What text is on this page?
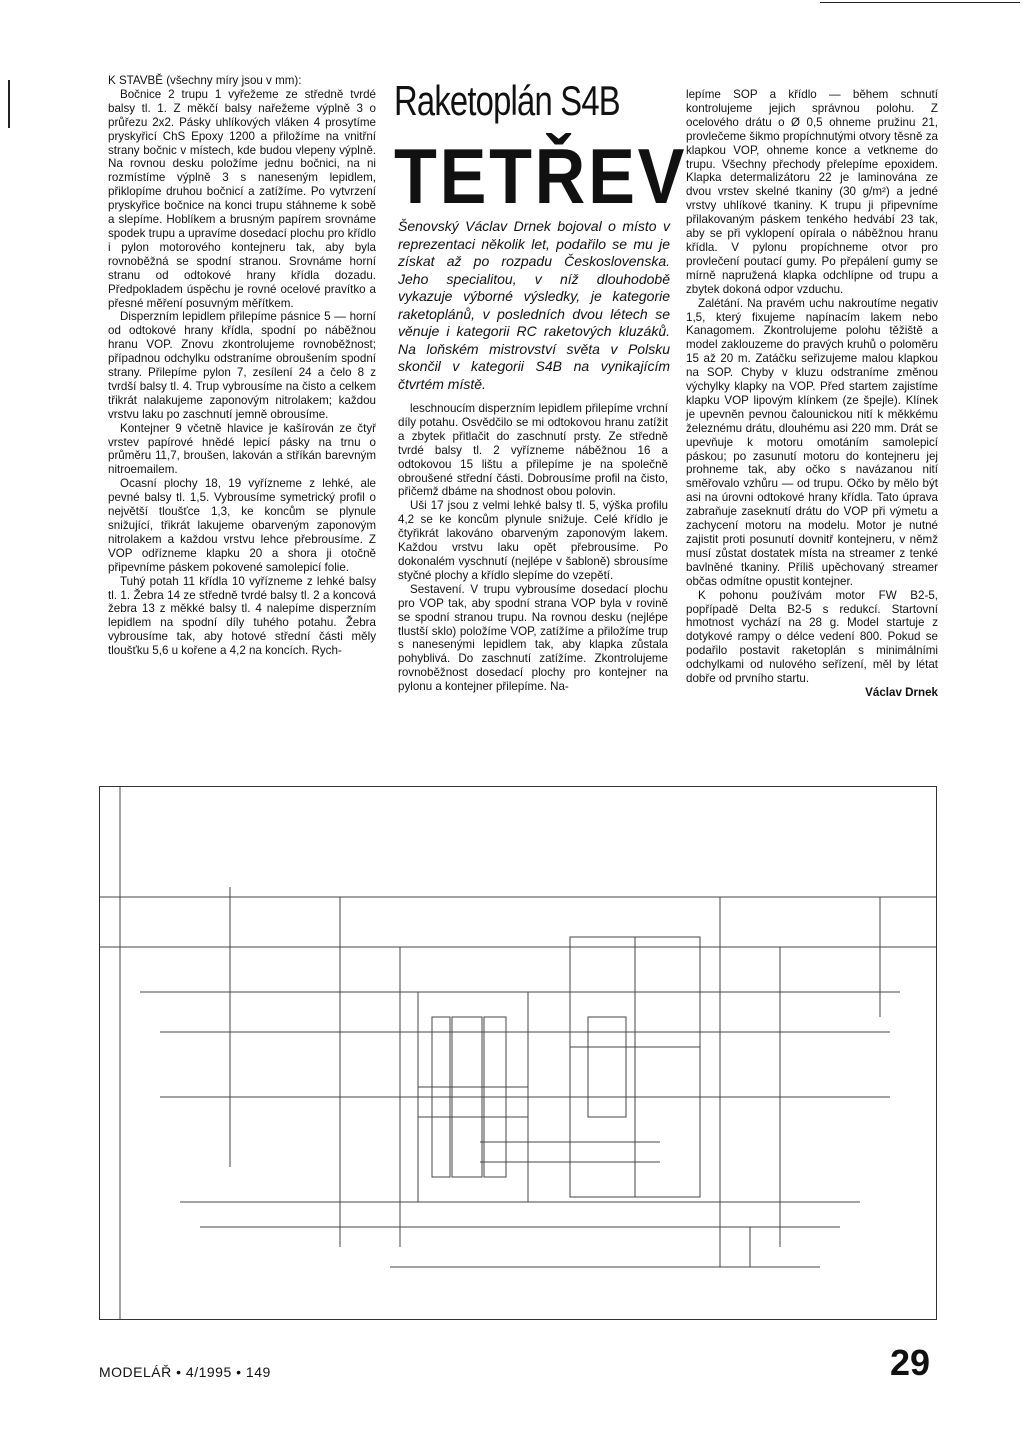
K STAVBĚ (všechny míry jsou v mm):

Bočnice 2 trupu 1 vyřežeme ze středně tvrdé balsy tl. 1. Z měkčí balsy nařežeme výplně 3 o průřezu 2x2. Pásky uhlíkových vláken 4 prosytíme pryskyřicí ChS Epoxy 1200 a přiložíme na vnitřní strany bočnic v místech, kde budou vlepeny výplně. Na rovnou desku položíme jednu bočnici, na ni rozmístíme výplně 3 s naneseným lepidlem, přiklopíme druhou bočnicí a zatížíme. Po vytvrzení pryskyřice bočnice na konci trupu stáhneme k sobě a slepíme. Hoblíkem a brusným papírem srovnáme spodek trupu a upravíme dosedací plochu pro křídlo i pylon motorového kontejneru tak, aby byla rovnoběžná se spodní stranou. Srovnáme horní stranu od odtokové hrany křídla dozadu. Předpokladem úspěchu je rovné ocelové pravítko a přesné měření posuvným měřítkem.

Disperzním lepidlem přilepíme pásnice 5 — horní od odtokové hrany křídla, spodní po náběžnou hranu VOP. Znovu zkontrolujeme rovnoběžnost; případnou odchylku odstraníme obroušením spodní strany. Přilepíme pylon 7, zesílení 24 a čelo 8 z tvrdší balsy tl. 4. Trup vybrousíme na čisto a celkem třikrát nalakujeme zaponovým nitrolakem; každou vrstvu laku po zaschnutí jemně obrousíme.

Kontejner 9 včetně hlavice je kašírován ze čtyř vrstev papírové hnědé lepicí pásky na trnu o průměru 11,7, broušen, lakován a stříkán barevným nitroemailem.

Ocasní plochy 18, 19 vyřízneme z lehké, ale pevné balsy tl. 1,5. Vybrousíme symetrický profil o největší tloušťce 1,3, ke koncům se plynule snižující, třikrát lakujeme obarveným zaponovým nitrolakem a každou vrstvu lehce přebrousíme. Z VOP odřízneme klapku 20 a shora ji otočně připevníme páskem pokovené samolepicí folie.

Tuhý potah 11 křídla 10 vyřízneme z lehké balsy tl. 1. Žebra 14 ze středně tvrdé balsy tl. 2 a koncová žebra 13 z měkké balsy tl. 4 nalepíme disperzním lepidlem na spodní díly tuhého potahu. Žebra vybrousíme tak, aby hotové střední části měly tloušťku 5,6 u kořene a 4,2 na koncích. Rych-

Raketoplán S4B
TETŘEV
Šenovský Václav Drnek bojoval o místo v reprezentaci několik let, podařilo se mu je získat až po rozpadu Československa. Jeho specialitou, v níž dlouhodobě vykazuje výborné výsledky, je kategorie raketoplánů, v posledních dvou létech se věnuje i kategorii RC raketových kluzáků. Na loňském mistrovství světa v Polsku skončil v kategorii S4B na vynikajícím čtvrtém místě.

leschnoucím disperzním lepidlem přilepíme vrchní díly potahu. Osvědčilo se mi odtokovou hranu zatížit a zbytek přitlačit do zaschnutí prsty. Ze středně tvrdé balsy tl. 2 vyřízneme náběžnou 16 a odtokovou 15 lištu a přilepíme je na společně obroušené střední části. Dobrousíme profil na čisto, přičemž dbáme na shodnost obou polovin.

Uši 17 jsou z velmi lehké balsy tl. 5, výška profilu 4,2 se ke koncům plynule snižuje. Celé křídlo je čtyřikrát lakováno obarveným zaponovým lakem. Každou vrstvu laku opět přebrousíme. Po dokonalém vyschnutí (nejlépe v šabloně) sbrousíme styčné plochy a křídlo slepíme do vzepětí.

Sestavení. V trupu vybrousíme dosedací plochu pro VOP tak, aby spodní strana VOP byla v rovině se spodní stranou trupu. Na rovnou desku (nejlépe tlustší sklo) položíme VOP, zatížíme a přiložíme trup s nanesenými lepidlem tak, aby klapka zůstala pohyblivá. Do zaschnutí zatížíme. Zkontrolujeme rovnoběžnost dosedací plochy pro kontejner na pylonu a kontejner přilepíme. Na-

lepíme SOP a křídlo — během schnutí kontrolujeme jejich správnou polohu. Z ocelového drátu o Ø 0,5 ohneme pružinu 21, provlečeme šikmo propíchnutými otvory těsně za klapkou VOP, ohneme konce a vetkneme do trupu. Všechny přechody přelepíme epoxidem. Klapka determalizátoru 22 je laminována ze dvou vrstev skelné tkaniny (30 g/m²) a jedné vrstvy uhlíkové tkaniny. K trupu ji připevníme přilakovaným páskem tenkého hedvábí 23 tak, aby se při vyklopení opírala o náběžnou hranu křídla. V pylonu propíchneme otvor pro provlečení poutací gumy. Po přepálení gumy se mírně napružená klapka odchlípne od trupu a zbytek dokoná odpor vzduchu.

Zalétání. Na pravém uchu nakroutíme negativ 1,5, který fixujeme napínacím lakem nebo Kanagomem. Zkontrolujeme polohu těžiště a model zaklouzeme do pravých kruhů o poloměru 15 až 20 m. Zatáčku seřizujeme malou klapkou na SOP. Chyby v kluzu odstraníme změnou výchylky klapky na VOP. Před startem zajistíme klapku VOP lipovým klínkem (ze špejle). Klínek je upevněn pevnou čalounickou nití k měkkému železnému drátu, dlouhému asi 220 mm. Drát se upevňuje k motoru omotáním samolepicí páskou; po zasunutí motoru do kontejneru jej prohneme tak, aby očko s navázanou nití směřovalo vzhůru — od trupu. Očko by mělo být asi na úrovni odtokové hrany křídla. Tato úprava zabraňuje zaseknutí drátu do VOP při výmetu a zachycení motoru na modelu. Motor je nutné zajistit proti posunutí dovnitř kontejneru, v němž musí zůstat dostatek místa na streamer z tenké bavlněné tkaniny. Příliš upěchovaný streamer občas odmítne opustit kontejner.

K pohonu používám motor FW B2-5, popřípadě Delta B2-5 s redukcí. Startovní hmotnost vychází na 28 g. Model startuje z dotykové rampy o délce vedení 800. Pokud se podařilo postavit raketoplán s minimálními odchylkami od nulového seřízení, měl by létat dobře od prvního startu.

Václav Drnek

MODELÁŘ • 4/1995 • 149	29
